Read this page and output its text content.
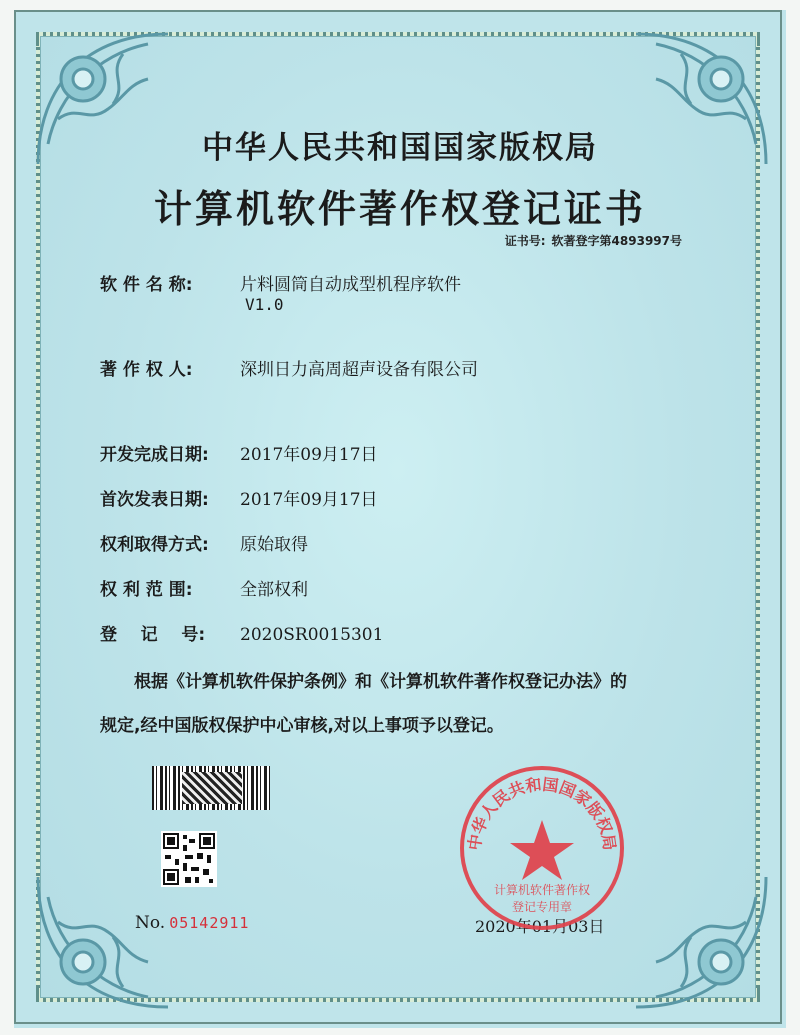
中华人民共和国国家版权局
计算机软件著作权登记证书
证书号: 软著登字第4893997号
软 件 名 称:	片料圆筒自动成型机程序软件
V1.0
著 作 权 人:	深圳日力高周超声设备有限公司
开发完成日期: 2017年09月17日
首次发表日期: 2017年09月17日
权利取得方式: 原始取得
权 利 范 围:	全部权利
登    记    号: 2020SR0015301
根据《计算机软件保护条例》和《计算机软件著作权登记办法》的
规定,经中国版权保护中心审核,对以上事项予以登记。
No. 05142911	2020年01月03日
中华人民共和国国家版权局
计算机软件著作权
登记专用章
